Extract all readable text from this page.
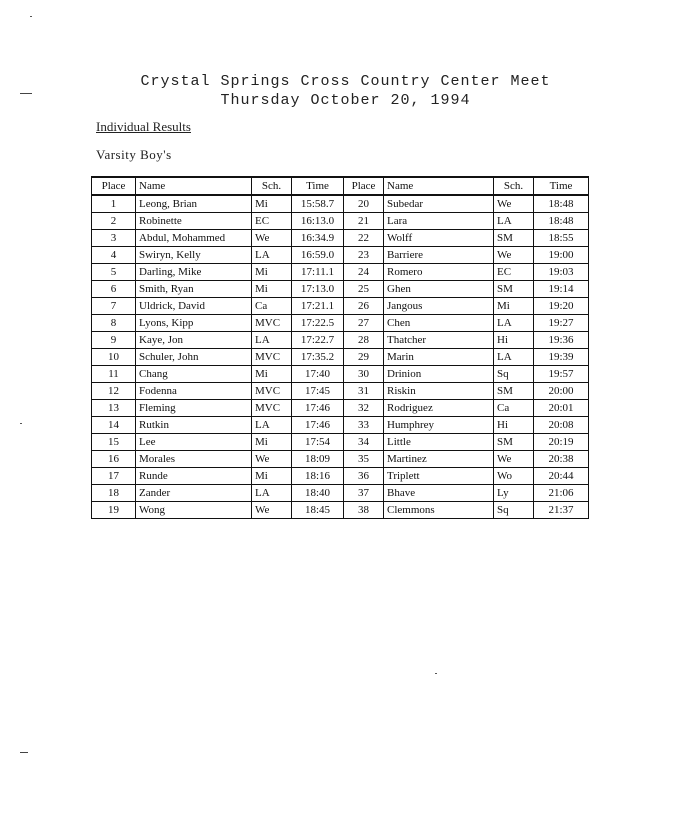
Crystal Springs Cross Country Center Meet
Thursday October 20, 1994
Individual Results
Varsity Boy's
Place	Name	Sch.	Time	Place	Name	Sch.	Time
1	Leong, Brian	Mi	15:58.7	20	Subedar	We	18:48
2	Robinette	EC	16:13.0	21	Lara	LA	18:48
3	Abdul, Mohammed	We	16:34.9	22	Wolff	SM	18:55
4	Swiryn, Kelly	LA	16:59.0	23	Barriere	We	19:00
5	Darling, Mike	Mi	17:11.1	24	Romero	EC	19:03
6	Smith, Ryan	Mi	17:13.0	25	Ghen	SM	19:14
7	Uldrick, David	Ca	17:21.1	26	Jangous	Mi	19:20
8	Lyons, Kipp	MVC	17:22.5	27	Chen	LA	19:27
9	Kaye, Jon	LA	17:22.7	28	Thatcher	Hi	19:36
10	Schuler, John	MVC	17:35.2	29	Marin	LA	19:39
11	Chang	Mi	17:40	30	Drinion	Sq	19:57
12	Fodenna	MVC	17:45	31	Riskin	SM	20:00
13	Fleming	MVC	17:46	32	Rodriguez	Ca	20:01
14	Rutkin	LA	17:46	33	Humphrey	Hi	20:08
15	Lee	Mi	17:54	34	Little	SM	20:19
16	Morales	We	18:09	35	Martinez	We	20:38
17	Runde	Mi	18:16	36	Triplett	Wo	20:44
18	Zander	LA	18:40	37	Bhave	Ly	21:06
19	Wong	We	18:45	38	Clemmons	Sq	21:37
